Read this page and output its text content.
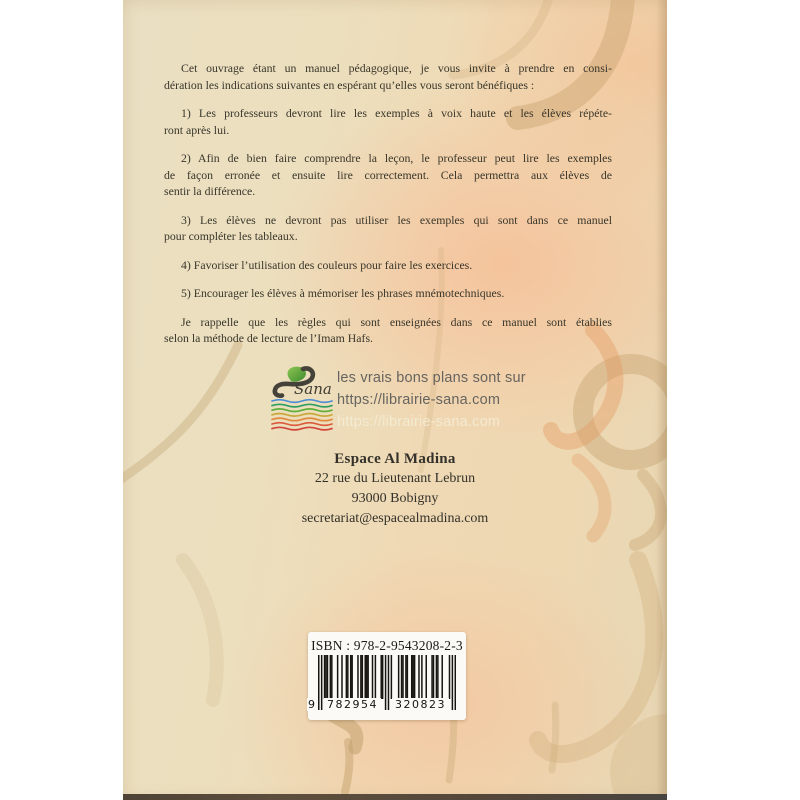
Cet ouvrage étant un manuel pédagogique, je vous invite à prendre en consi-
dération les indications suivantes en espérant qu’elles vous seront bénéfiques :
1) Les professeurs devront lire les exemples à voix haute et les élèves répéte-
ront après lui.
2) Afin de bien faire comprendre la leçon, le professeur peut lire les exemples
de façon erronée et ensuite lire correctement. Cela permettra aux élèves de
sentir la différence.
3) Les élèves ne devront pas utiliser les exemples qui sont dans ce manuel
pour compléter les tableaux.
4) Favoriser l’utilisation des couleurs pour faire les exercices.
5) Encourager les élèves à mémoriser les phrases mnémotechniques.
Je rappelle que les règles qui sont enseignées dans ce manuel sont établies
selon la méthode de lecture de l’Imam Hafs.
Sana
les vrais bons plans sont sur
https://librairie-sana.com
https://librairie-sana.com
Espace Al Madina
22 rue du Lieutenant Lebrun
93000 Bobigny
secretariat@espacealmadina.com
ISBN : 978-2-9543208-2-3
9 782954 320823
